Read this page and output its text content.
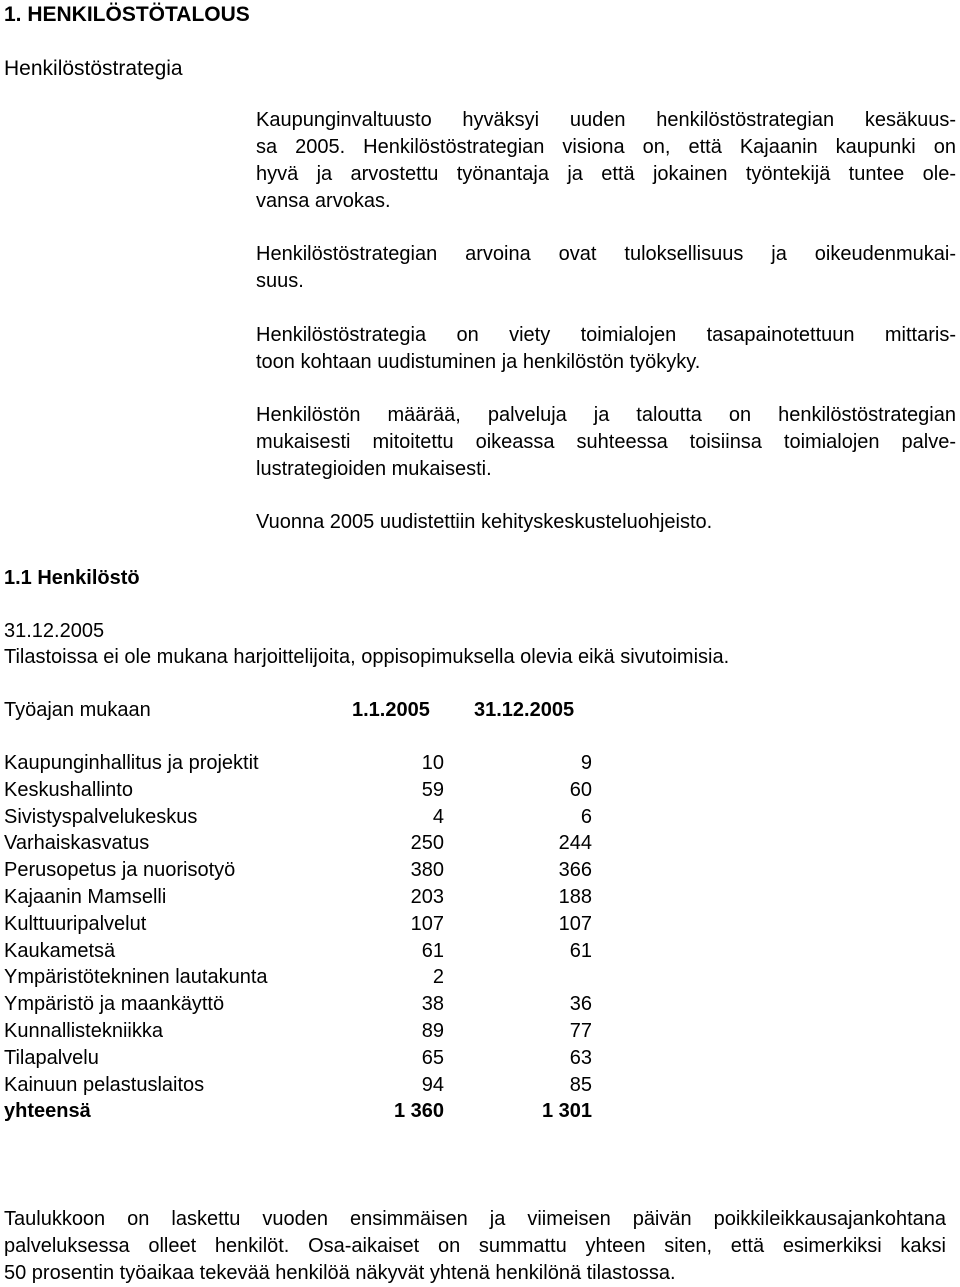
1. HENKILÖSTÖTALOUS
Henkilöstöstrategia
Kaupunginvaltuusto hyväksyi uuden henkilöstöstrategian kesäkuus-
sa 2005. Henkilöstöstrategian visiona on, että Kajaanin kaupunki on
hyvä ja arvostettu työnantaja ja että jokainen työntekijä tuntee ole-
vansa arvokas.
Henkilöstöstrategian arvoina ovat tuloksellisuus ja oikeudenmukai-
suus.
Henkilöstöstrategia on viety toimialojen tasapainotettuun mittaris-
toon kohtaan uudistuminen ja henkilöstön työkyky.
Henkilöstön määrää, palveluja ja taloutta on henkilöstöstrategian
mukaisesti mitoitettu oikeassa suhteessa toisiinsa toimialojen palve-
lustrategioiden mukaisesti.
Vuonna 2005 uudistettiin kehityskeskusteluohjeisto.
1.1 Henkilöstö

31.12.2005

Tilastoissa ei ole mukana harjoittelijoita, oppisopimuksella olevia eikä sivutoimisia.

Työajan mukaan	1.1.2005 31.12.2005
Kaupunginhallitus ja projektit	10	9
Keskushallinto	59	60
Sivistyspalvelukeskus	4	6
Varhaiskasvatus	250	244
Perusopetus ja nuorisotyö	380	366
Kajaanin Mamselli	203	188
Kulttuuripalvelut	107	107
Kaukametsä	61	61
Ympäristötekninen lautakunta	2	
Ympäristö ja maankäyttö	38	36
Kunnallistekniikka	89	77
Tilapalvelu	65	63
Kainuun pelastuslaitos	94	85
yhteensä	1 360	1 301
Taulukkoon on laskettu vuoden ensimmäisen ja viimeisen päivän poikkileikkausajankohtana
palveluksessa olleet henkilöt. Osa-aikaiset on summattu yhteen siten, että esimerkiksi kaksi
50 prosentin työaikaa tekevää henkilöä näkyvät yhtenä henkilönä tilastossa.
